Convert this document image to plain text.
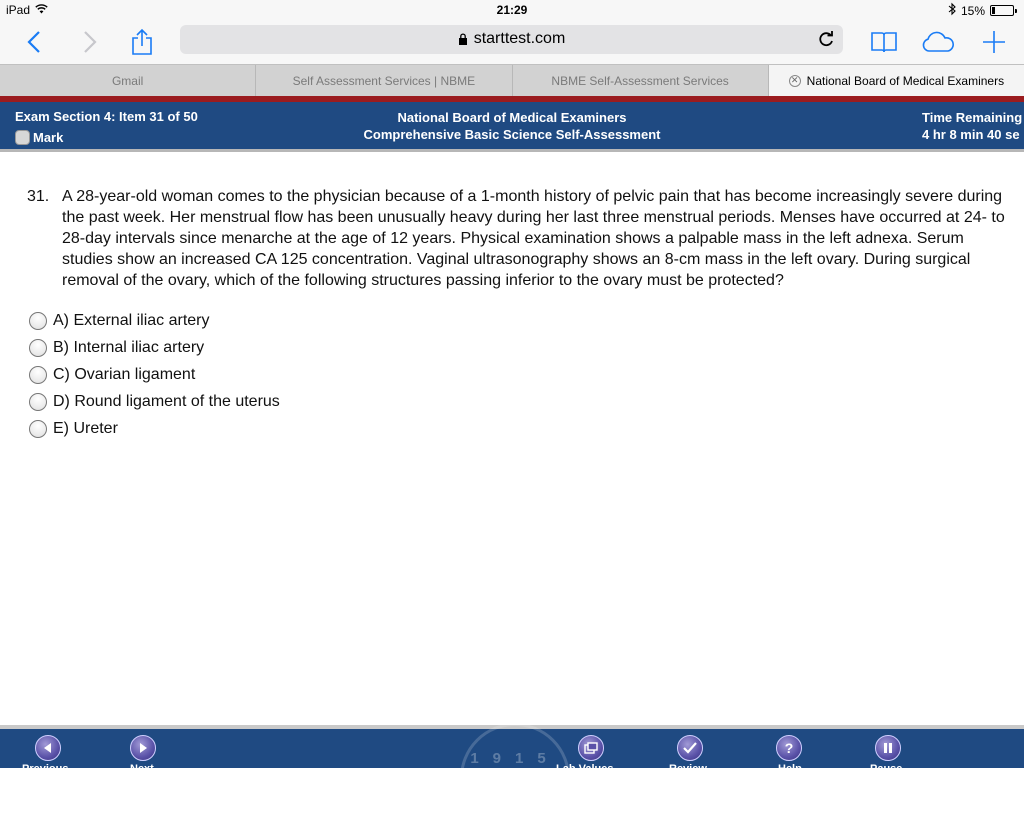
iPad	21:29	15%
starttest.com
Gmail	Self Assessment Services | NBME	NBME Self-Assessment Services	✕ National Board of Medical Examiners
Exam Section 4: Item 31 of 50
Mark
National Board of Medical Examiners
Comprehensive Basic Science Self-Assessment
Time Remaining
4 hr 8 min 40 se
31. A 28-year-old woman comes to the physician because of a 1-month history of pelvic pain that has become increasingly severe during the past week. Her menstrual flow has been unusually heavy during her last three menstrual periods. Menses have occurred at 24- to 28-day intervals since menarche at the age of 12 years. Physical examination shows a palpable mass in the left adnexa. Serum studies show an increased CA 125 concentration. Vaginal ultrasonography shows an 8-cm mass in the left ovary. During surgical removal of the ovary, which of the following structures passing inferior to the ovary must be protected?
A) External iliac artery
B) Internal iliac artery
C) Ovarian ligament
D) Round ligament of the uterus
E) Ureter
1915
Previous	Next	Lab Values	Review
?
Help	Pause
